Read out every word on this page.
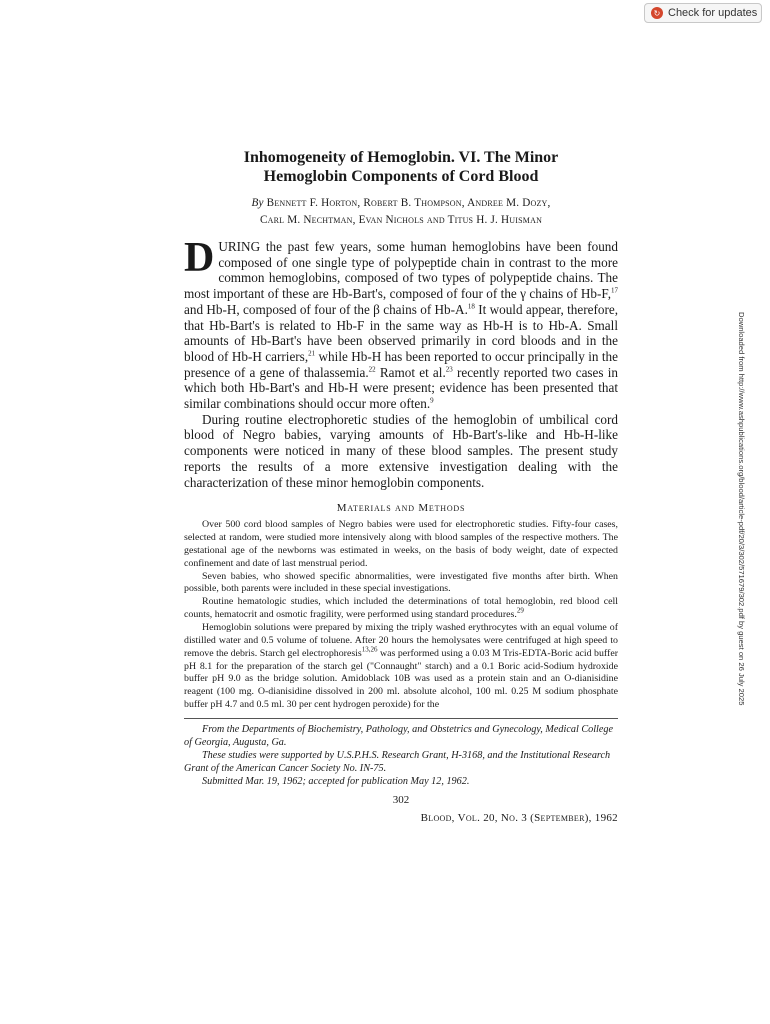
↻ Check for updates
Downloaded from http://www.ashpublications.org/blood/article-pdf/20/3/302/571679/302.pdf by guest on 26 July 2025
Inhomogeneity of Hemoglobin. VI. The Minor
Hemoglobin Components of Cord Blood
By Bennett F. Horton, Robert B. Thompson, Andree M. Dozy,
Carl M. Nechtman, Evan Nichols and Titus H. J. Huisman

DURING the past few years, some human hemoglobins have been found composed of one single type of polypeptide chain in contrast to the more common hemoglobins, composed of two types of polypeptide chains. The most important of these are Hb-Bart's, composed of four of the γ chains of Hb-F,$^{17}$ and Hb-H, composed of four of the β chains of Hb-A.$^{18}$ It would appear, therefore, that Hb-Bart's is related to Hb-F in the same way as Hb-H is to Hb-A. Small amounts of Hb-Bart's have been observed primarily in cord bloods and in the blood of Hb-H carriers,$^{21}$ while Hb-H has been reported to occur principally in the presence of a gene of thalassemia.$^{22}$ Ramot et al.$^{23}$ recently reported two cases in which both Hb-Bart's and Hb-H were present; evidence has been presented that similar combinations should occur more often.$^9$

During routine electrophoretic studies of the hemoglobin of umbilical cord blood of Negro babies, varying amounts of Hb-Bart's-like and Hb-H-like components were noticed in many of these blood samples. The present study reports the results of a more extensive investigation dealing with the characterization of these minor hemoglobin components.

Materials and Methods

Over 500 cord blood samples of Negro babies were used for electrophoretic studies. Fifty-four cases, selected at random, were studied more intensively along with blood samples of the respective mothers. The gestational age of the newborns was estimated in weeks, on the basis of body weight, date of expected confinement and date of last menstrual period.

Seven babies, who showed specific abnormalities, were investigated five months after birth. When possible, both parents were included in these special investigations.

Routine hematologic studies, which included the determinations of total hemoglobin, red blood cell counts, hematocrit and osmotic fragility, were performed using standard procedures.$^{29}$

Hemoglobin solutions were prepared by mixing the triply washed erythrocytes with an equal volume of distilled water and 0.5 volume of toluene. After 20 hours the hemolysates were centrifuged at high speed to remove the debris. Starch gel electrophoresis$^{13,26}$ was performed using a 0.03 M Tris-EDTA-Boric acid buffer pH 8.1 for the preparation of the starch gel ("Connaught" starch) and a 0.1 Boric acid-Sodium hydroxide buffer pH 9.0 as the bridge solution. Amidoblack 10B was used as a protein stain and an O-dianisidine reagent (100 mg. O-dianisidine dissolved in 200 ml. absolute alcohol, 100 ml. 0.25 M sodium phosphate buffer pH 4.7 and 0.5 ml. 30 per cent hydrogen peroxide) for the

From the Departments of Biochemistry, Pathology, and Obstetrics and Gynecology, Medical College of Georgia, Augusta, Ga.

These studies were supported by U.S.P.H.S. Research Grant, H-3168, and the Institutional Research Grant of the American Cancer Society No. IN-75.

Submitted Mar. 19, 1962; accepted for publication May 12, 1962.

302
Blood, Vol. 20, No. 3 (September), 1962
